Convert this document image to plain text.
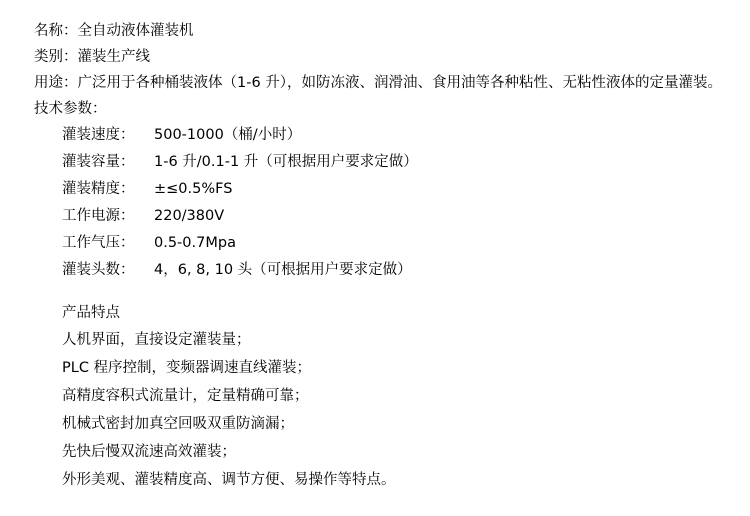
名称：全自动液体灌装机
类别：灌装生产线
用途：广泛用于各种桶装液体（1-6 升），如防冻液、润滑油、食用油等各种粘性、无粘性液体的定量灌装。
技术参数：
灌装速度：	500-1000（桶/小时）
灌装容量：	1-6 升/0.1-1 升（可根据用户要求定做）
灌装精度：	±≤0.5%FS
工作电源：	220/380V
工作气压：	0.5-0.7Mpa
灌装头数：	4，6, 8, 10 头（可根据用户要求定做）
产品特点
人机界面，直接设定灌装量；
PLC 程序控制，变频器调速直线灌装；
高精度容积式流量计，定量精确可靠；
机械式密封加真空回吸双重防滴漏；
先快后慢双流速高效灌装；
外形美观、灌装精度高、调节方便、易操作等特点。
